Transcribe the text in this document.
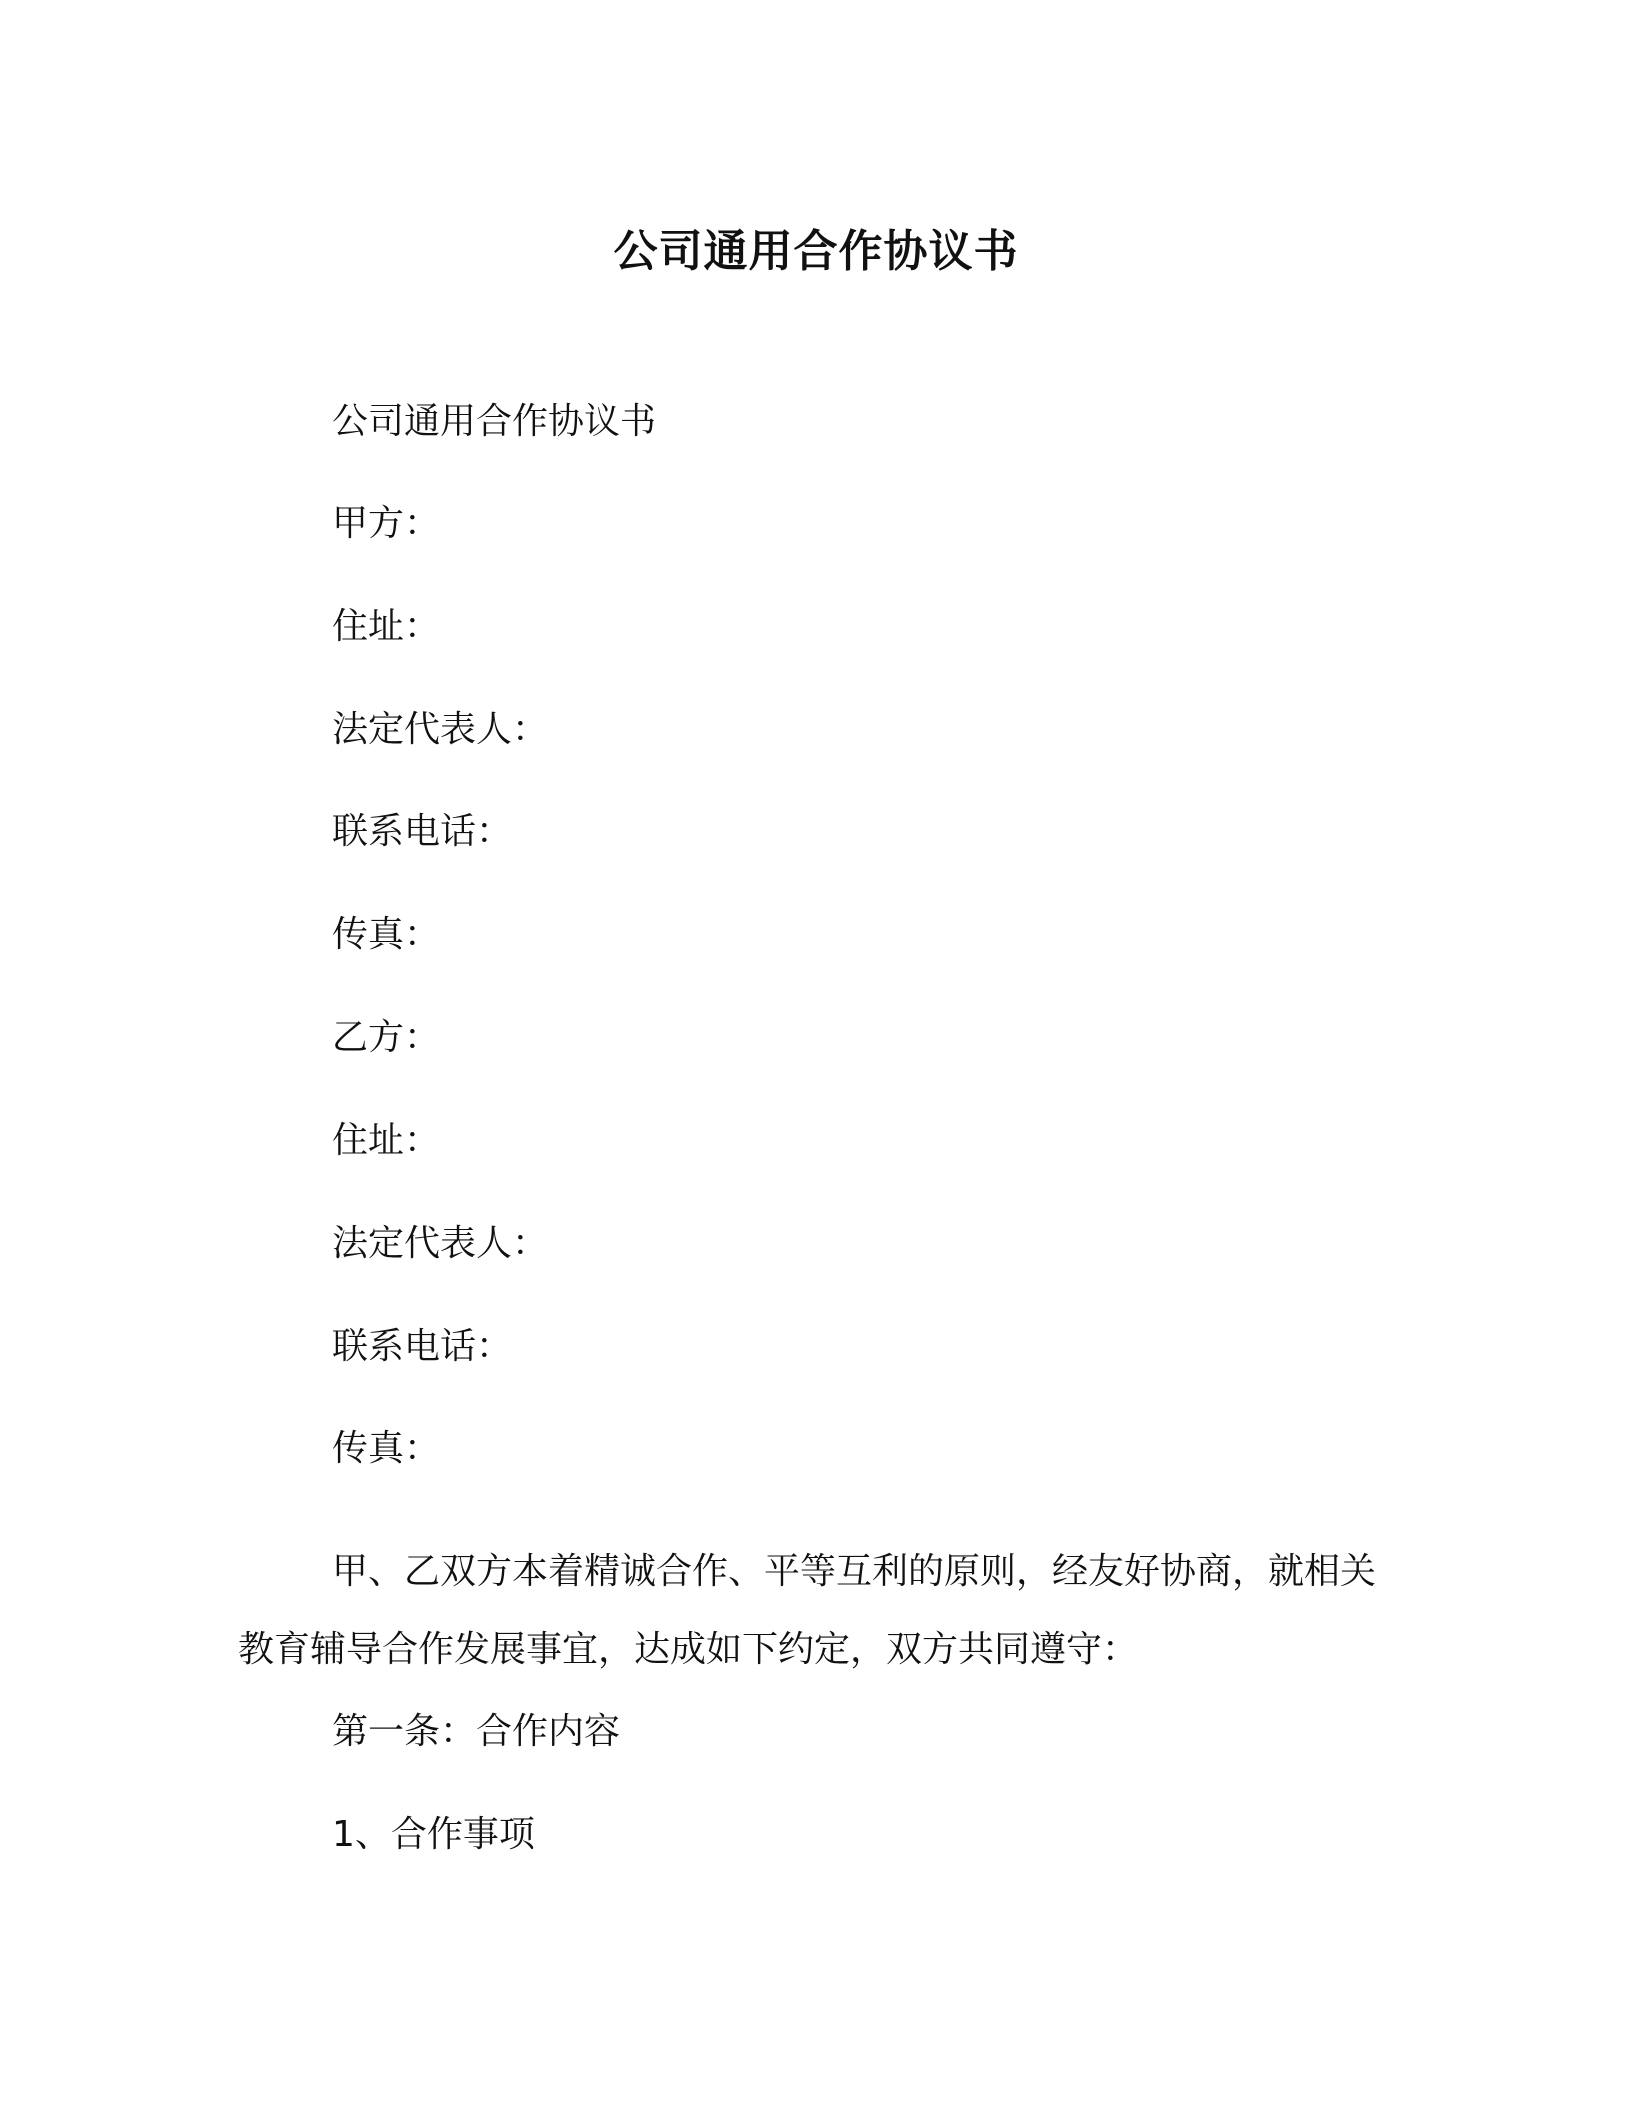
公司通用合作协议书
公司通用合作协议书
甲方：
住址：
法定代表人：
联系电话：
传真：
乙方：
住址：
法定代表人：
联系电话：
传真：

甲、乙双方本着精诚合作、平等互利的原则，经友好协商，就相关教育辅导合作发展事宜，达成如下约定，双方共同遵守：

第一条：合作内容
1、合作事项
